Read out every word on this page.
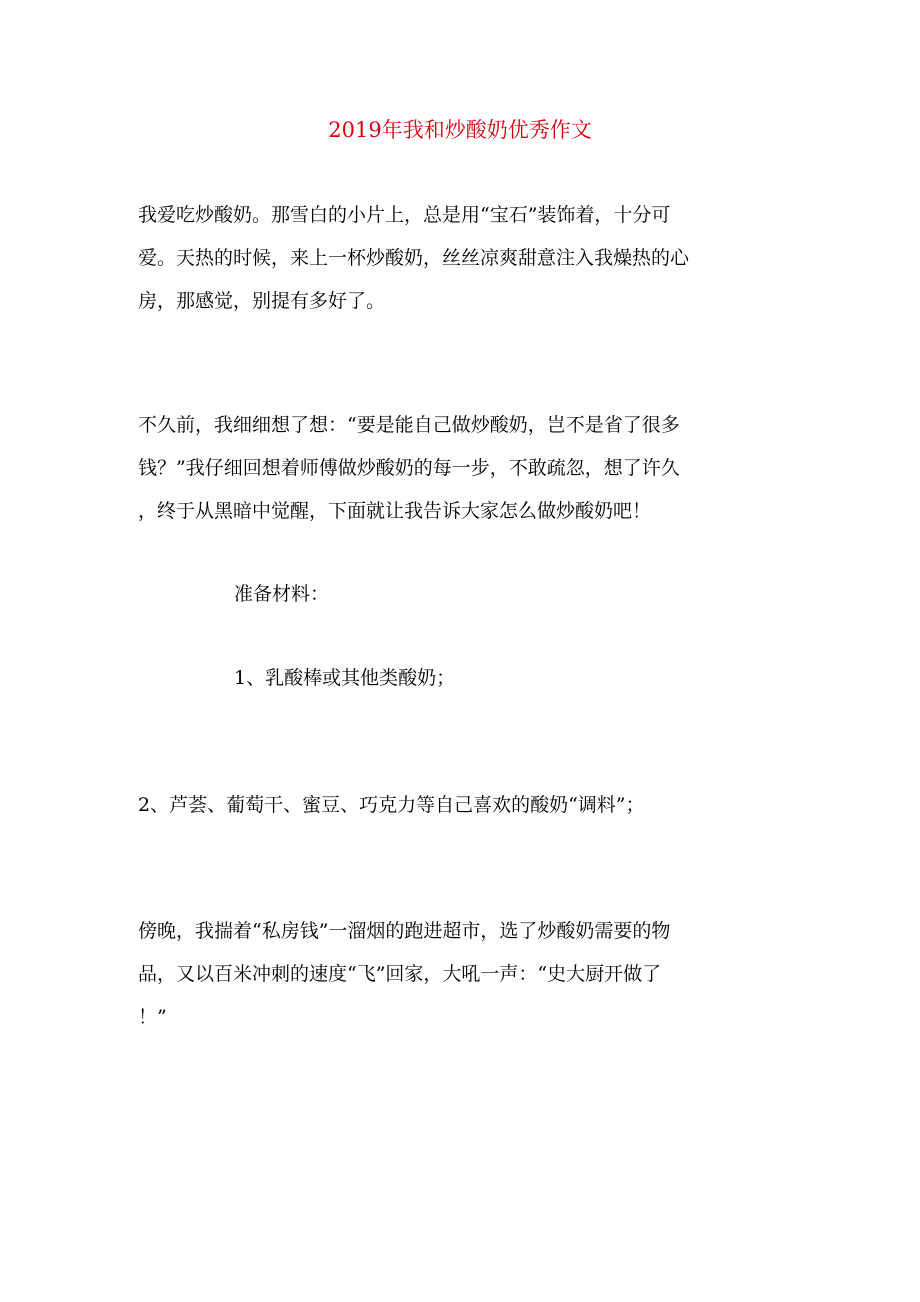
2019年我和炒酸奶优秀作文

我爱吃炒酸奶。那雪白的小片上，总是用“宝石”装饰着，十分可
爱。天热的时候，来上一杯炒酸奶，丝丝凉爽甜意注入我燥热的心
房，那感觉，别提有多好了。

不久前，我细细想了想：“要是能自己做炒酸奶，岂不是省了很多
钱？”我仔细回想着师傅做炒酸奶的每一步，不敢疏忽，想了许久
，终于从黑暗中觉醒，下面就让我告诉大家怎么做炒酸奶吧！

准备材料：

1、乳酸棒或其他类酸奶；

2、芦荟、葡萄干、蜜豆、巧克力等自己喜欢的酸奶“调料”；

傍晚，我揣着“私房钱”一溜烟的跑进超市，选了炒酸奶需要的物
品，又以百米冲刺的速度“飞”回家，大吼一声：“史大厨开做了
！”
